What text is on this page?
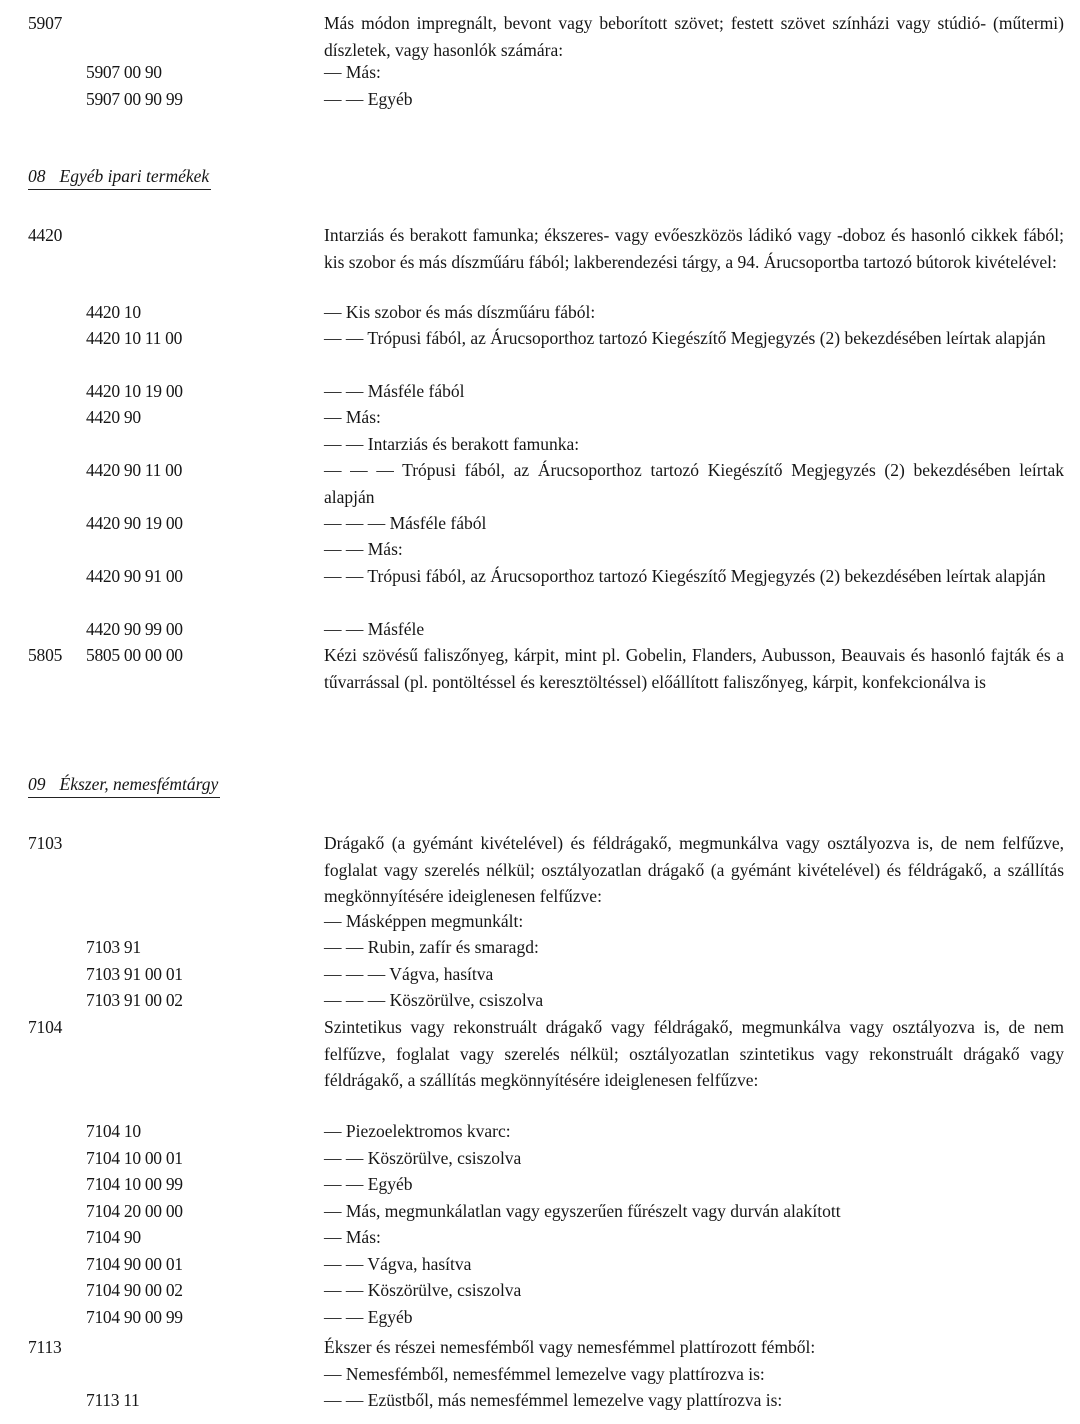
5907	Más módon impregnált, bevont vagy beborított szövet; festett szövet színházi vagy stúdió- (műtermi) díszletek, vagy hasonlók számára:
5907 00 90	— Más:
5907 00 90 99	— — Egyéb
08 Egyéb ipari termékek
4420	Intarziás és berakott famunka; ékszeres- vagy evőeszközös ládikó vagy -doboz és hasonló cikkek fából; kis szobor és más díszműáru fából; lakberendezési tárgy, a 94. Árucsoportba tartozó bútorok kivételével:
4420 10	— Kis szobor és más díszműáru fából:
4420 10 11 00	— — Trópusi fából, az Árucsoporthoz tartozó Kiegészítő Megjegyzés (2) bekezdésében leírtak alapján
4420 10 19 00	— — Másféle fából
4420 90	— Más:
— — Intarziás és berakott famunka:
4420 90 11 00	— — — Trópusi fából, az Árucsoporthoz tartozó Kiegészítő Megjegyzés (2) bekezdésében leírtak alapján
4420 90 19 00	— — — Másféle fából
— — Más:
4420 90 91 00	— — Trópusi fából, az Árucsoporthoz tartozó Kiegészítő Megjegyzés (2) bekezdésében leírtak alapján
4420 90 99 00	— — Másféle
5805 5805 00 00 00	Kézi szövésű faliszőnyeg, kárpit, mint pl. Gobelin, Flanders, Aubusson, Beauvais és hasonló fajták és a tűvarrással (pl. pontöltéssel és keresztöltéssel) előállított faliszőnyeg, kárpit, konfekcionálva is
09 Ékszer, nemesfémtárgy
7103	Drágakő (a gyémánt kivételével) és féldrágakő, megmunkálva vagy osztályozva is, de nem felfűzve, foglalat vagy szerelés nélkül; osztályozatlan drágakő (a gyémánt kivételével) és féldrágakő, a szállítás megkönnyítésére ideiglenesen felfűzve:
— Másképpen megmunkált:
7103 91	— — Rubin, zafír és smaragd:
7103 91 00 01	— — — Vágva, hasítva
7103 91 00 02	— — — Köszörülve, csiszolva
7104	Szintetikus vagy rekonstruált drágakő vagy féldrágakő, megmunkálva vagy osztályozva is, de nem felfűzve, foglalat vagy szerelés nélkül; osztályozatlan szintetikus vagy rekonstruált drágakő vagy féldrágakő, a szállítás megkönnyítésére ideiglenesen felfűzve:
7104 10	— Piezoelektromos kvarc:
7104 10 00 01	— — Köszörülve, csiszolva
7104 10 00 99	— — Egyéb
7104 20 00 00	— Más, megmunkálatlan vagy egyszerűen fűrészelt vagy durván alakított
7104 90	— Más:
7104 90 00 01	— — Vágva, hasítva
7104 90 00 02	— — Köszörülve, csiszolva
7104 90 00 99	— — Egyéb
7113	Ékszer és részei nemesfémből vagy nemesfémmel plattírozott fémből:
— Nemesfémből, nemesfémmel lemezelve vagy plattírozva is:
7113 11	— — Ezüstből, más nemesfémmel lemezelve vagy plattírozva is:
